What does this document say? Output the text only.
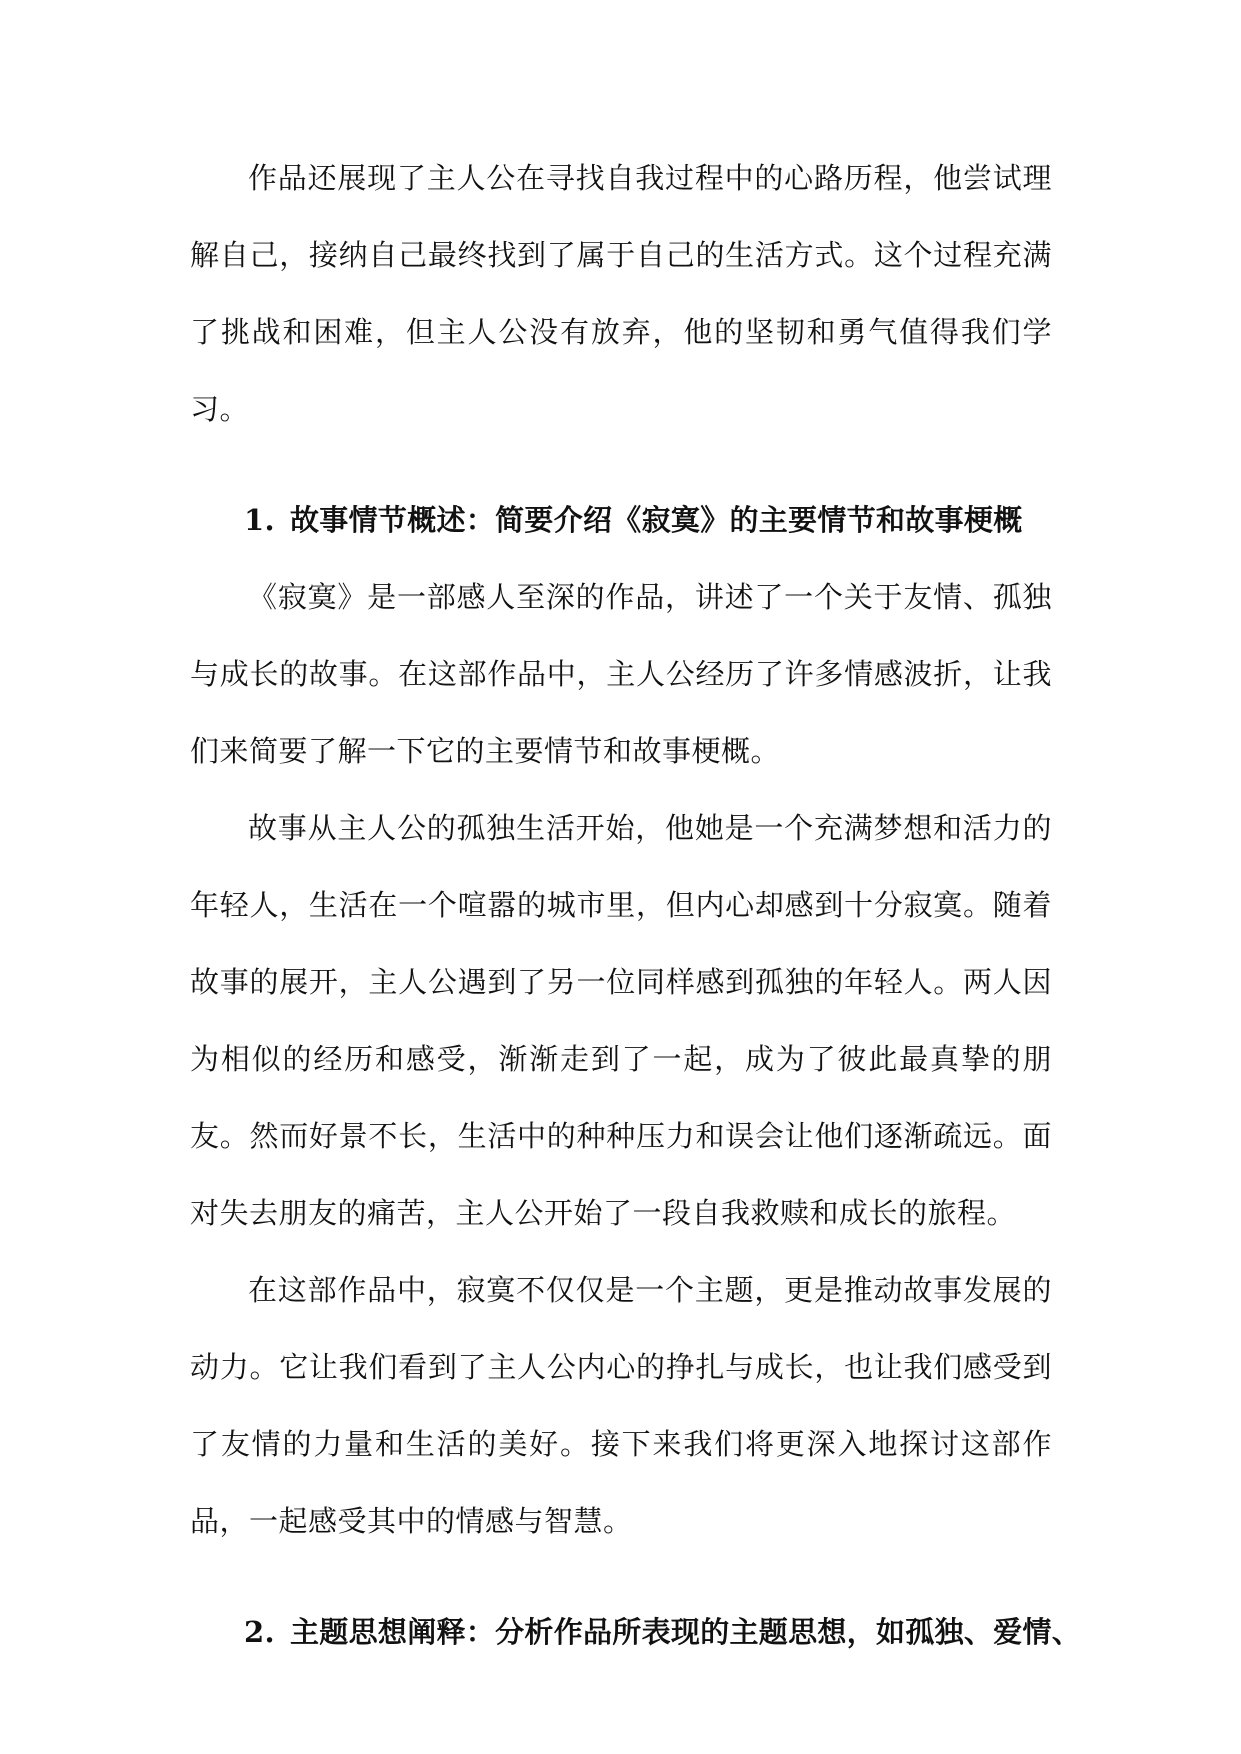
作品还展现了主人公在寻找自我过程中的心路历程，他尝试理解自己，接纳自己最终找到了属于自己的生活方式。这个过程充满了挑战和困难，但主人公没有放弃，他的坚韧和勇气值得我们学习。

1. 故事情节概述：简要介绍《寂寞》的主要情节和故事梗概

《寂寞》是一部感人至深的作品，讲述了一个关于友情、孤独与成长的故事。在这部作品中，主人公经历了许多情感波折，让我们来简要了解一下它的主要情节和故事梗概。

故事从主人公的孤独生活开始，他她是一个充满梦想和活力的年轻人，生活在一个喧嚣的城市里，但内心却感到十分寂寞。随着故事的展开，主人公遇到了另一位同样感到孤独的年轻人。两人因为相似的经历和感受，渐渐走到了一起，成为了彼此最真挚的朋友。然而好景不长，生活中的种种压力和误会让他们逐渐疏远。面对失去朋友的痛苦，主人公开始了一段自我救赎和成长的旅程。

在这部作品中，寂寞不仅仅是一个主题，更是推动故事发展的动力。它让我们看到了主人公内心的挣扎与成长，也让我们感受到了友情的力量和生活的美好。接下来我们将更深入地探讨这部作品，一起感受其中的情感与智慧。

2. 主题思想阐释：分析作品所表现的主题思想，如孤独、爱情、
